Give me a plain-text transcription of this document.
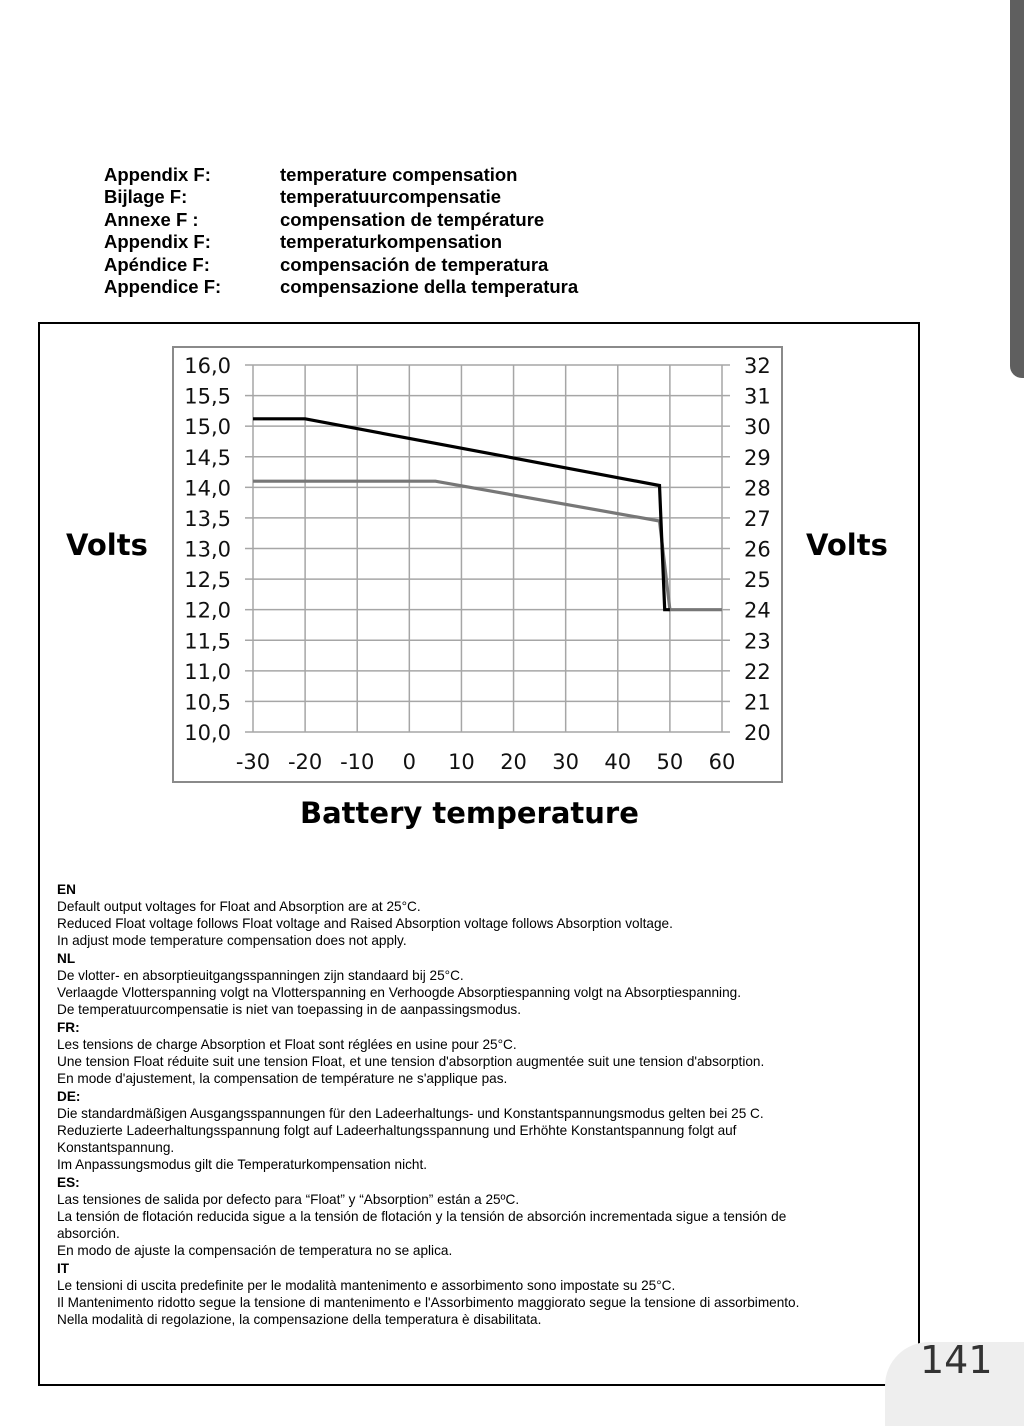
Appendix F:	temperature compensation
Bijlage F:	temperatuurcompensatie
Annexe F :	compensation de température
Appendix F:	temperaturkompensation
Apéndice F:	compensación de temperatura
Appendice F:	compensazione della temperatura
-30 -20 -10 0 10 20 30 40 50 60
10,0	20
10,5	21
11,0	22
11,5	23
12,0	24
12,5	25
13,0	26
13,5	27
14,0	28
14,5	29
15,0	30
15,5	31
16,0	32
Volts	Volts
Battery temperature
EN
Default output voltages for Float and Absorption are at 25°C.
Reduced Float voltage follows Float voltage and Raised Absorption voltage follows Absorption voltage.
In adjust mode temperature compensation does not apply.
NL
De vlotter- en absorptieuitgangsspanningen zijn standaard bij 25°C.
Verlaagde Vlotterspanning volgt na Vlotterspanning en Verhoogde Absorptiespanning volgt na Absorptiespanning.
De temperatuurcompensatie is niet van toepassing in de aanpassingsmodus.
FR:
Les tensions de charge Absorption et Float sont réglées en usine pour 25°C.
Une tension Float réduite suit une tension Float, et une tension d'absorption augmentée suit une tension d'absorption.
En mode d'ajustement, la compensation de température ne s'applique pas.
DE:
Die standardmäßigen Ausgangsspannungen für den Ladeerhaltungs- und Konstantspannungsmodus gelten bei 25 C.
Reduzierte Ladeerhaltungsspannung folgt auf Ladeerhaltungsspannung und Erhöhte Konstantspannung folgt auf
Konstantspannung.
Im Anpassungsmodus gilt die Temperaturkompensation nicht.
ES:
Las tensiones de salida por defecto para “Float” y “Absorption” están a 25ºC.
La tensión de flotación reducida sigue a la tensión de flotación y la tensión de absorción incrementada sigue a tensión de
absorción.
En modo de ajuste la compensación de temperatura no se aplica.
IT
Le tensioni di uscita predefinite per le modalità mantenimento e assorbimento sono impostate su 25°C.
Il Mantenimento ridotto segue la tensione di mantenimento e l'Assorbimento maggiorato segue la tensione di assorbimento.
Nella modalità di regolazione, la compensazione della temperatura è disabilitata.
141
